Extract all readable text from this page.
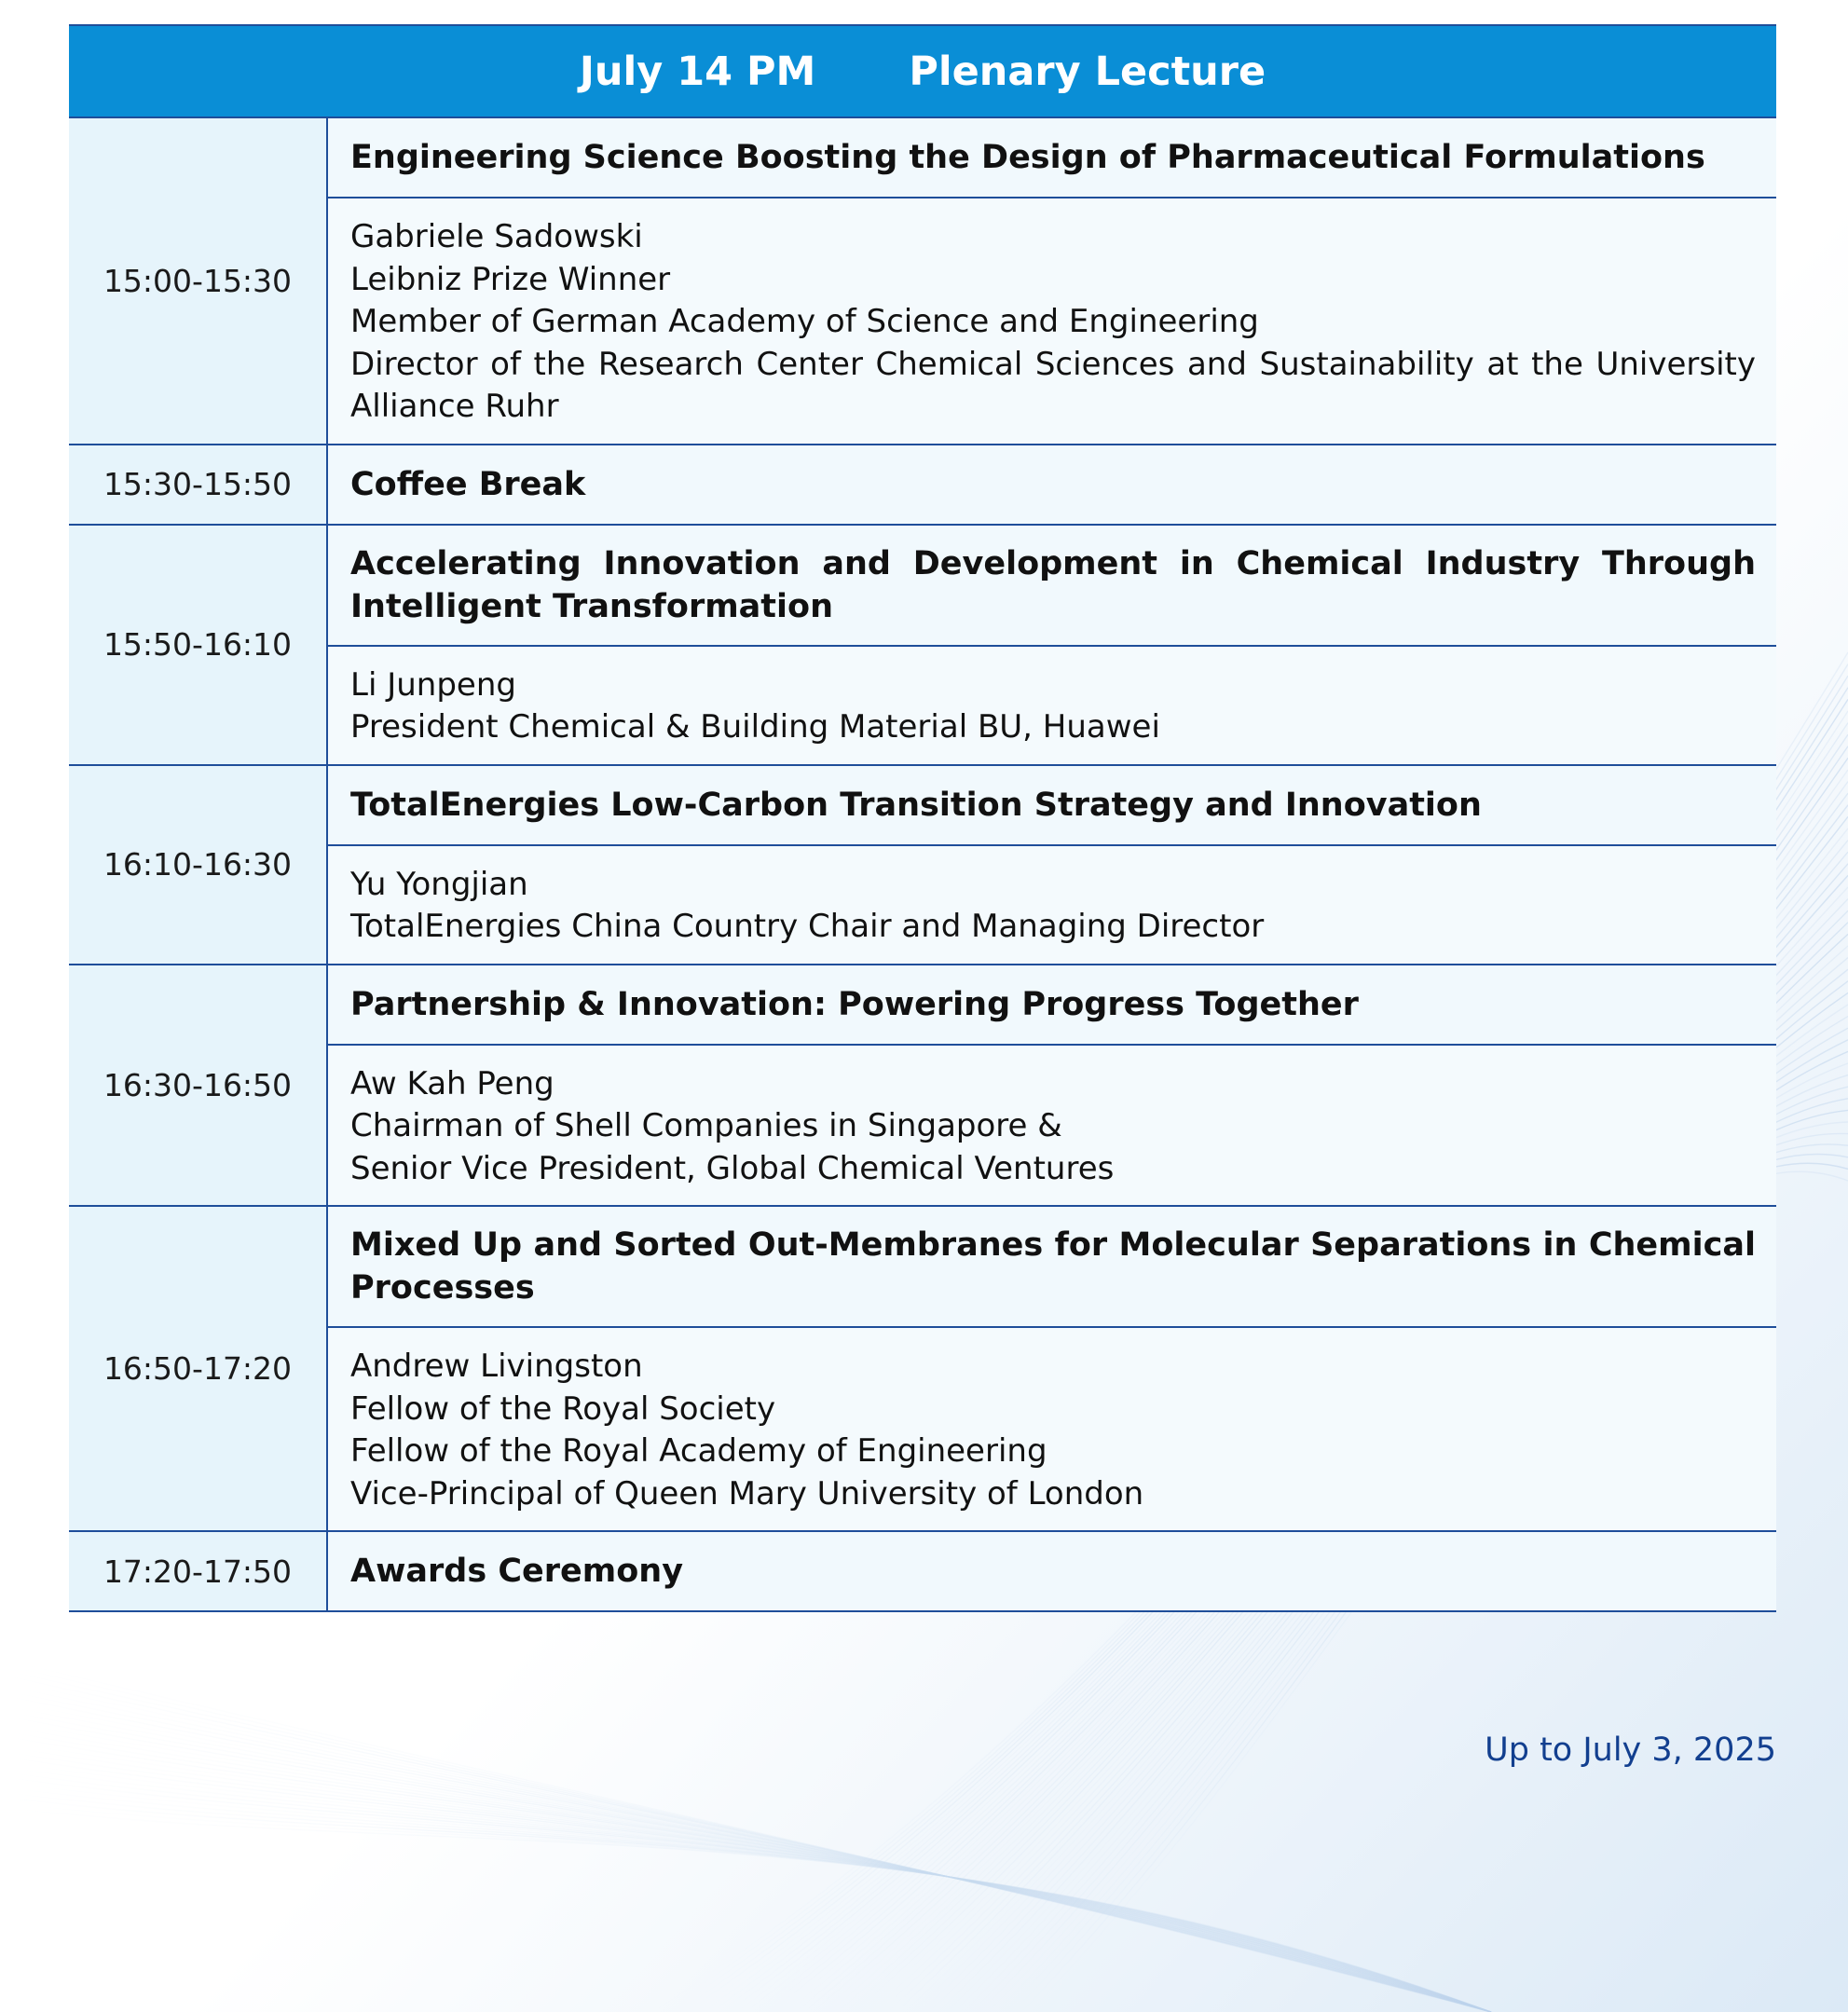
July 14 PM Plenary Lecture
15:00-15:30
Engineering Science Boosting the Design of Pharmaceutical Formulations
Gabriele Sadowski
Leibniz Prize Winner
Member of German Academy of Science and Engineering
Director of the Research Center Chemical Sciences and Sustainability at the University
Alliance Ruhr
15:30-15:50	Coffee Break
15:50-16:10
Accelerating Innovation and Development in Chemical Industry Through Intelligent Transformation
Li Junpeng
President Chemical & Building Material BU, Huawei
16:10-16:30
TotalEnergies Low-Carbon Transition Strategy and Innovation
Yu Yongjian
TotalEnergies China Country Chair and Managing Director
16:30-16:50
Partnership & Innovation: Powering Progress Together
Aw Kah Peng
Chairman of Shell Companies in Singapore &
Senior Vice President, Global Chemical Ventures
16:50-17:20
Mixed Up and Sorted Out-Membranes for Molecular Separations in Chemical Processes
Andrew Livingston
Fellow of the Royal Society
Fellow of the Royal Academy of Engineering
Vice-Principal of Queen Mary University of London
17:20-17:50	Awards Ceremony
Up to July 3, 2025
